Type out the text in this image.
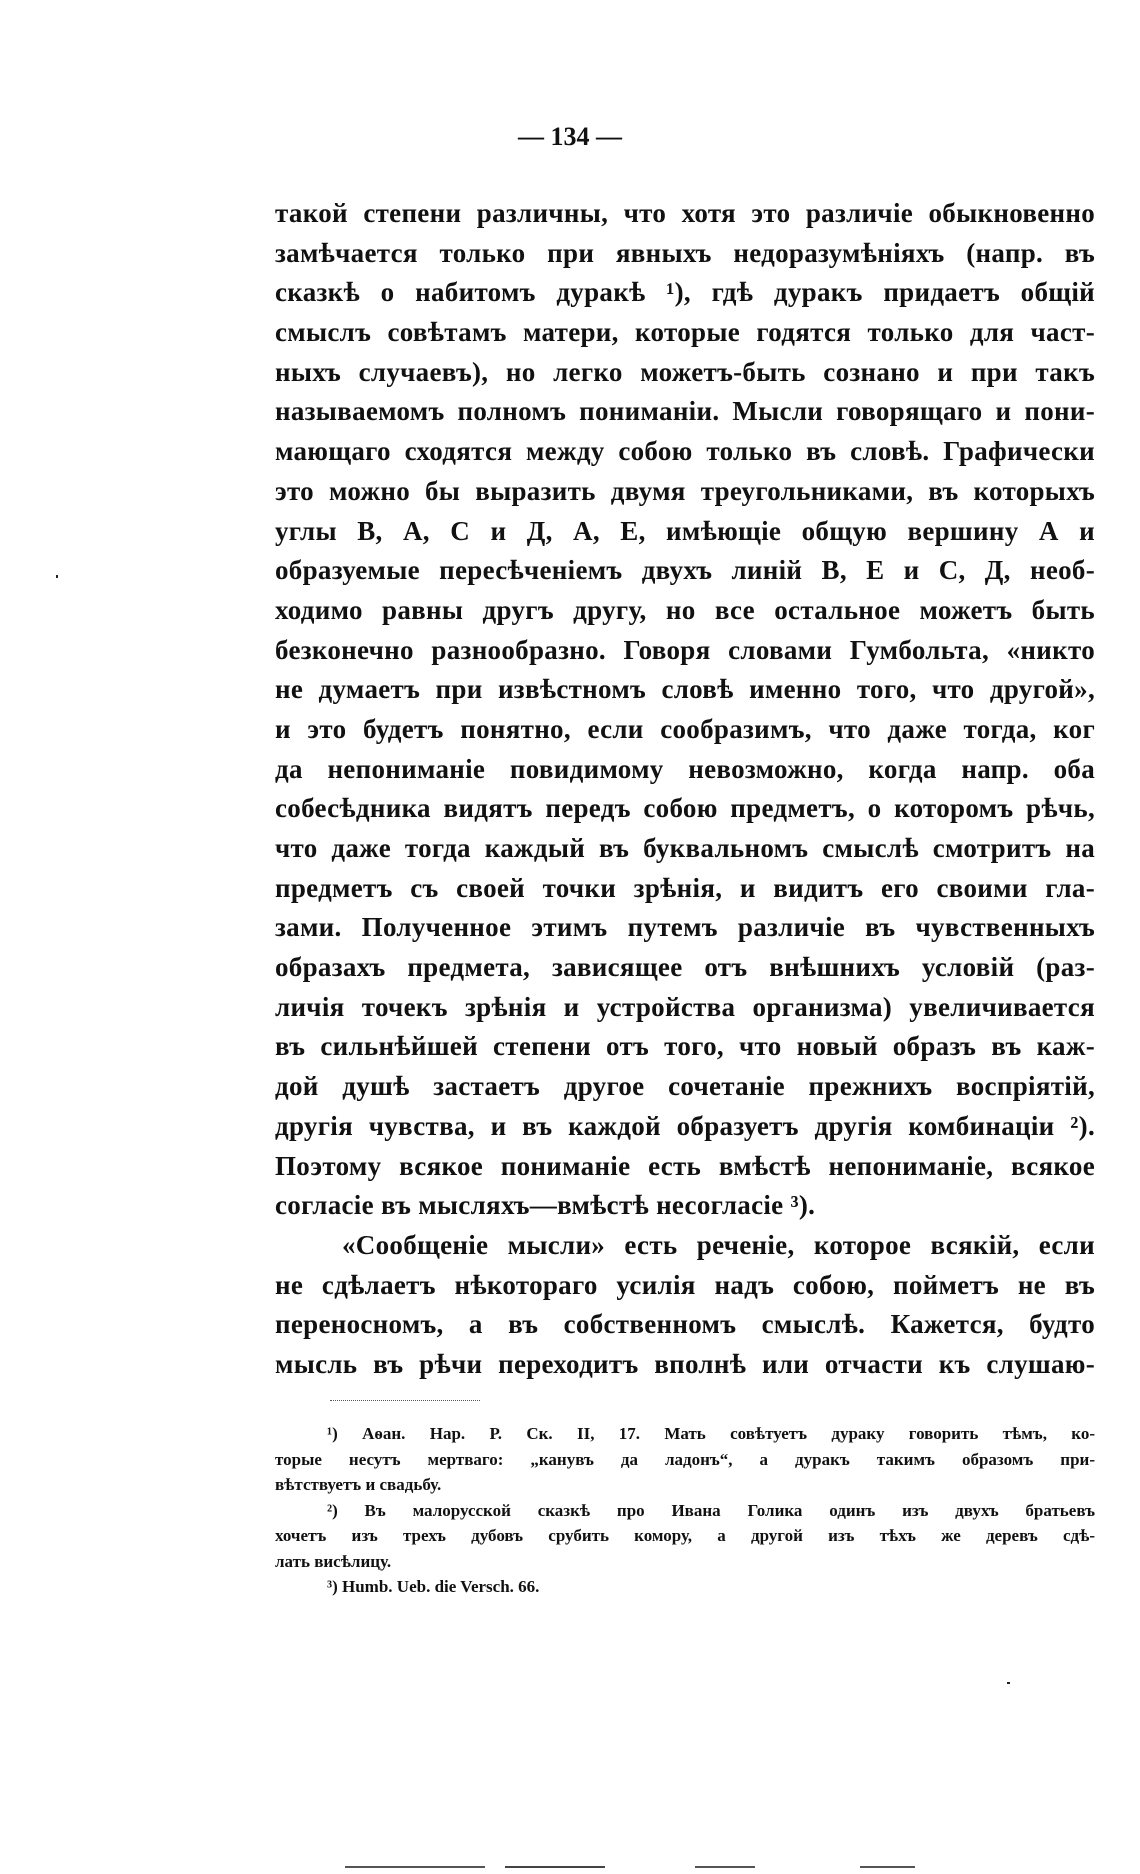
— 134 —
такой степени различны, что хотя это различіе обыкновенно
замѣчается только при явныхъ недоразумѣніяхъ (напр. въ
сказкѣ о набитомъ дуракѣ ¹), гдѣ дуракъ придаетъ общій
смыслъ совѣтамъ матери, которые годятся только для част-
ныхъ случаевъ), но легко можетъ-быть сознано и при такъ
называемомъ полномъ пониманіи. Мысли говорящаго и пони-
мающаго сходятся между собою только въ словѣ. Графически
это можно бы выразить двумя треугольниками, въ которыхъ
углы В, А, С и Д, А, Е, имѣющіе общую вершину А и
образуемые пересѣченіемъ двухъ линій В, Е и С, Д, необ-
ходимо равны другъ другу, но все остальное можетъ быть
безконечно разнообразно. Говоря словами Гумбольта, «никто
не думаетъ при извѣстномъ словѣ именно того, что другой»,
и это будетъ понятно, если сообразимъ, что даже тогда, ког
да непониманіе повидимому невозможно, когда напр. оба
собесѣдника видятъ передъ собою предметъ, о которомъ рѣчь,
что даже тогда каждый въ буквальномъ смыслѣ смотритъ на
предметъ съ своей точки зрѣнія, и видитъ его своими гла-
зами. Полученное этимъ путемъ различіе въ чувственныхъ
образахъ предмета, зависящее отъ внѣшнихъ условій (раз-
личія точекъ зрѣнія и устройства организма) увеличивается
въ сильнѣйшей степени отъ того, что новый образъ въ каж-
дой душѣ застаетъ другое сочетаніе прежнихъ воспріятій,
другія чувства, и въ каждой образуетъ другія комбинаціи ²).
Поэтому всякое пониманіе есть вмѣстѣ непониманіе, всякое
согласіе въ мысляхъ—вмѣстѣ несогласіе ³).
«Сообщеніе мысли» есть реченіе, которое всякій, если
не сдѣлаетъ нѣкотораго усилія надъ собою, пойметъ не въ
переносномъ, а въ собственномъ смыслѣ. Кажется, будто
мысль въ рѣчи переходитъ вполнѣ или отчасти къ слушаю-
¹) Аѳан. Нар. Р. Ск. II, 17. Мать совѣтуетъ дураку говорить тѣмъ, ко-
торые несутъ мертваго: „канувъ да ладонъ“, а дуракъ такимъ образомъ при-
вѣтствуетъ и свадьбу.
²) Въ малорусской сказкѣ про Ивана Голика одинъ изъ двухъ братьевъ
хочетъ изъ трехъ дубовъ срубить комору, а другой изъ тѣхъ же деревъ сдѣ-
лать висѣлицу.
³) Humb. Ueb. die Versch. 66.
